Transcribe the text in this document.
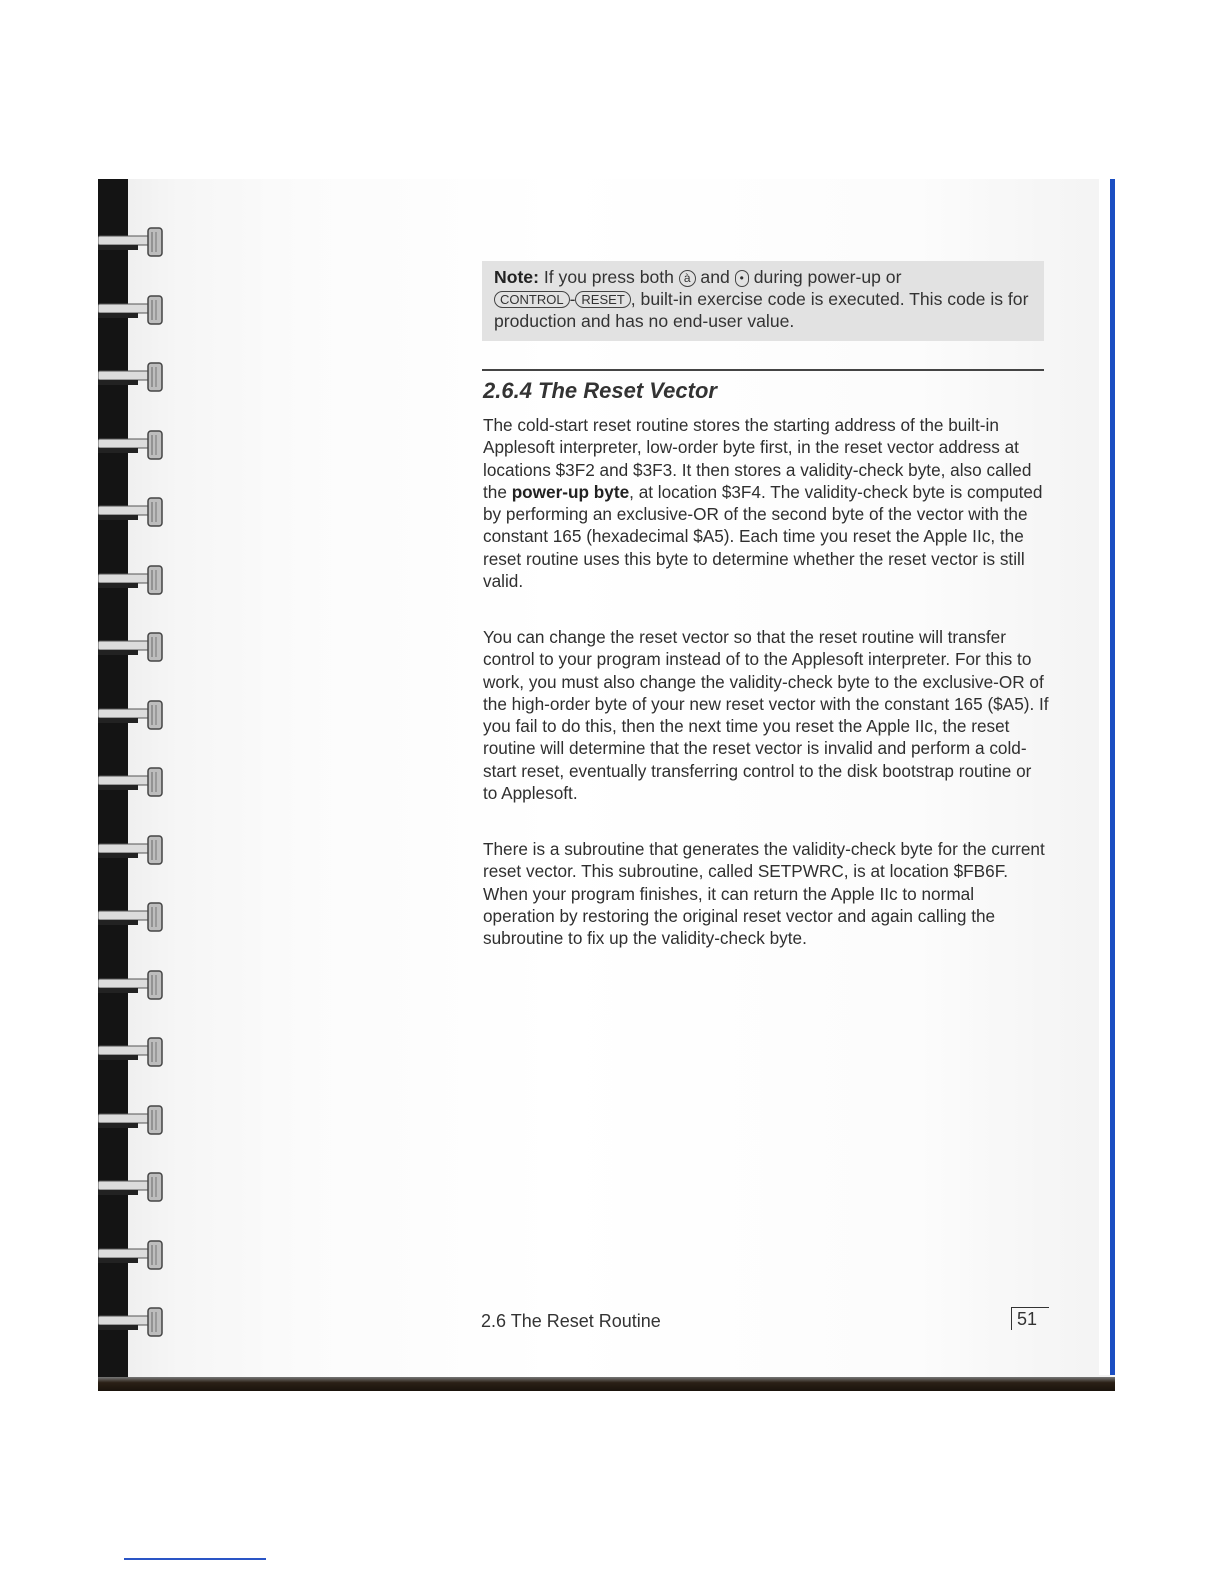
Note: If you press both à and • during power-up or
CONTROL - RESET , built-in exercise code is executed. This code is for production and has no end-user value.
2.6.4 The Reset Vector

The cold-start reset routine stores the starting address of the built-in Applesoft interpreter, low-order byte first, in the reset vector address at locations $3F2 and $3F3. It then stores a validity-check byte, also called the power-up byte, at location $3F4. The validity-check byte is computed by performing an exclusive-OR of the second byte of the vector with the constant 165 (hexadecimal $A5). Each time you reset the Apple IIc, the reset routine uses this byte to determine whether the reset vector is still valid.

You can change the reset vector so that the reset routine will transfer control to your program instead of to the Applesoft interpreter. For this to work, you must also change the validity-check byte to the exclusive-OR of the high-order byte of your new reset vector with the constant 165 ($A5). If you fail to do this, then the next time you reset the Apple IIc, the reset routine will determine that the reset vector is invalid and perform a cold-start reset, eventually transferring control to the disk bootstrap routine or to Applesoft.

There is a subroutine that generates the validity-check byte for the current reset vector. This subroutine, called SETPWRC, is at location $FB6F. When your program finishes, it can return the Apple IIc to normal operation by restoring the original reset vector and again calling the subroutine to fix up the validity-check byte.

2.6 The Reset Routine	51
